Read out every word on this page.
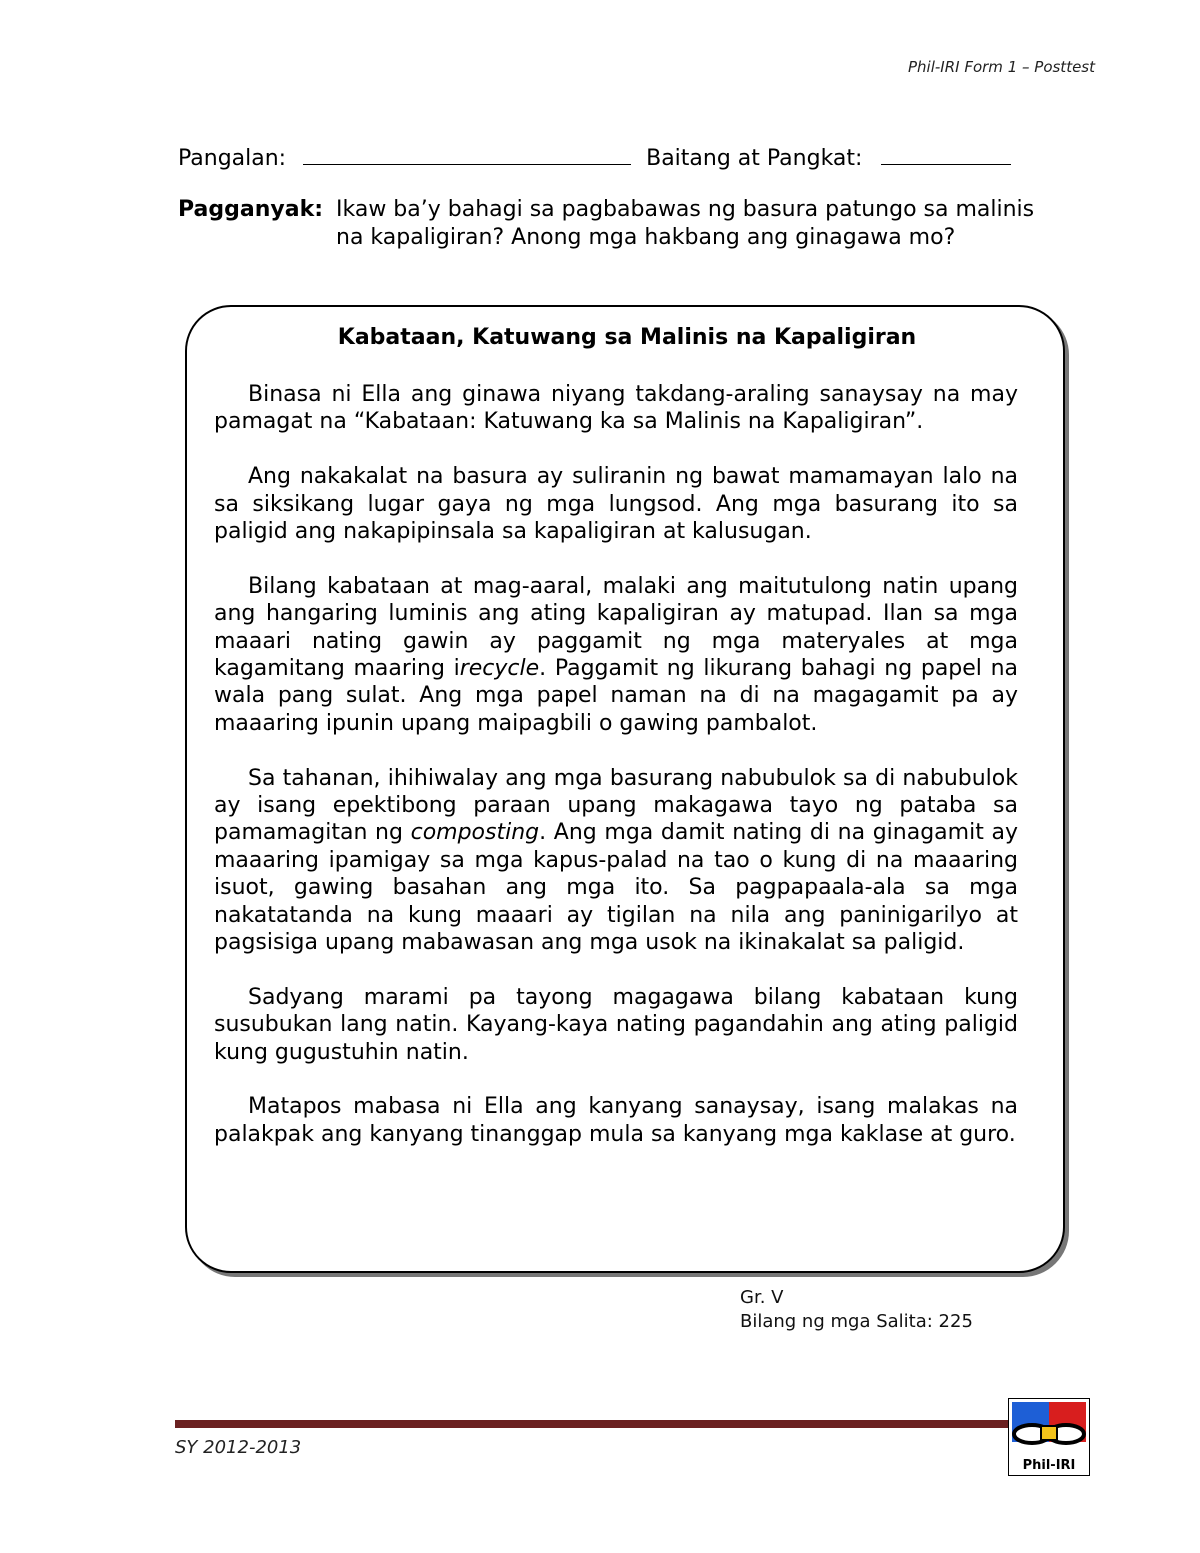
Phil-IRI Form 1 – Posttest
Pangalan:	Baitang at Pangkat:
Pagganyak: Ikaw ba’y bahagi sa pagbabawas ng basura patungo sa malinis na kapaligiran? Anong mga hakbang ang ginagawa mo?
Kabataan, Katuwang sa Malinis na Kapaligiran

Binasa ni Ella ang ginawa niyang takdang-araling sanaysay na may pamagat na “Kabataan: Katuwang ka sa Malinis na Kapaligiran”.

Ang nakakalat na basura ay suliranin ng bawat mamamayan lalo na sa siksikang lugar gaya ng mga lungsod. Ang mga basurang ito sa paligid ang nakapipinsala sa kapaligiran at kalusugan.

Bilang kabataan at mag-aaral, malaki ang maitutulong natin upang ang hangaring luminis ang ating kapaligiran ay matupad. Ilan sa mga maaari nating gawin ay paggamit ng mga materyales at mga kagamitang maaring irecycle. Paggamit ng likurang bahagi ng papel na wala pang sulat. Ang mga papel naman na di na magagamit pa ay maaaring ipunin upang maipagbili o gawing pambalot.

Sa tahanan, ihihiwalay ang mga basurang nabubulok sa di nabubulok ay isang epektibong paraan upang makagawa tayo ng pataba sa pamamagitan ng composting. Ang mga damit nating di na ginagamit ay maaaring ipamigay sa mga kapus-palad na tao o kung di na maaaring isuot, gawing basahan ang mga ito. Sa pagpapaala-ala sa mga nakatatanda na kung maaari ay tigilan na nila ang paninigarilyo at pagsisiga upang mabawasan ang mga usok na ikinakalat sa paligid.

Sadyang marami pa tayong magagawa bilang kabataan kung susubukan lang natin. Kayang-kaya nating pagandahin ang ating paligid kung gugustuhin natin.

Matapos mabasa ni Ella ang kanyang sanaysay, isang malakas na palakpak ang kanyang tinanggap mula sa kanyang mga kaklase at guro.

Gr. V
Bilang ng mga Salita: 225
SY 2012-2013
Phil-IRI
